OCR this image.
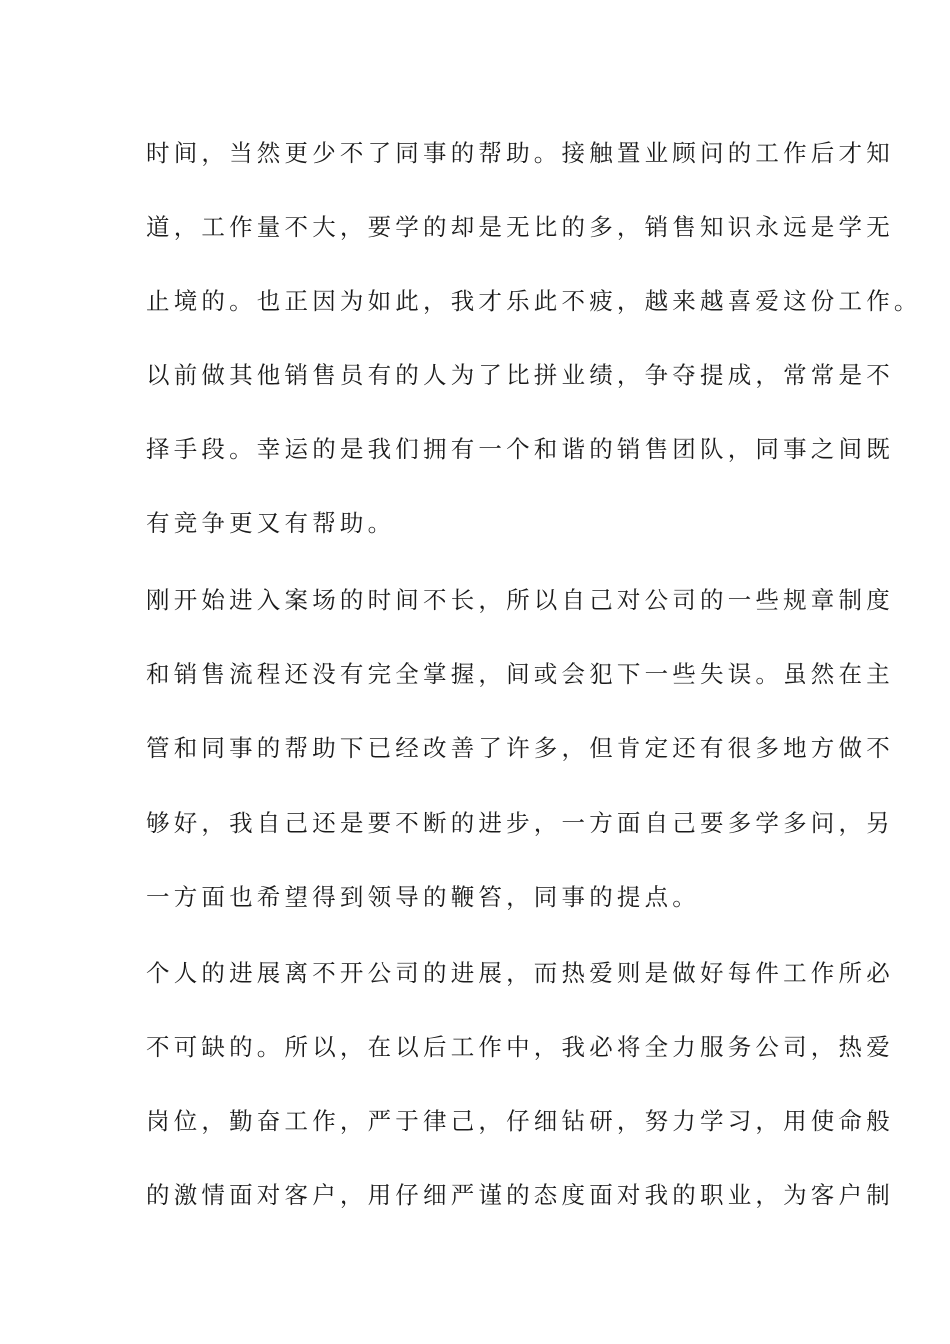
时间，当然更少不了同事的帮助。接触置业顾问的工作后才知
道，工作量不大，要学的却是无比的多，销售知识永远是学无
止境的。也正因为如此，我才乐此不疲，越来越喜爱这份工作。
以前做其他销售员有的人为了比拼业绩，争夺提成，常常是不
择手段。幸运的是我们拥有一个和谐的销售团队，同事之间既
有竞争更又有帮助。
刚开始进入案场的时间不长，所以自己对公司的一些规章制度
和销售流程还没有完全掌握，间或会犯下一些失误。虽然在主
管和同事的帮助下已经改善了许多，但肯定还有很多地方做不
够好，我自己还是要不断的进步，一方面自己要多学多问，另
一方面也希望得到领导的鞭笞，同事的提点。
个人的进展离不开公司的进展，而热爱则是做好每件工作所必
不可缺的。所以，在以后工作中，我必将全力服务公司，热爱
岗位，勤奋工作，严于律己，仔细钻研，努力学习，用使命般
的激情面对客户，用仔细严谨的态度面对我的职业，为客户制
